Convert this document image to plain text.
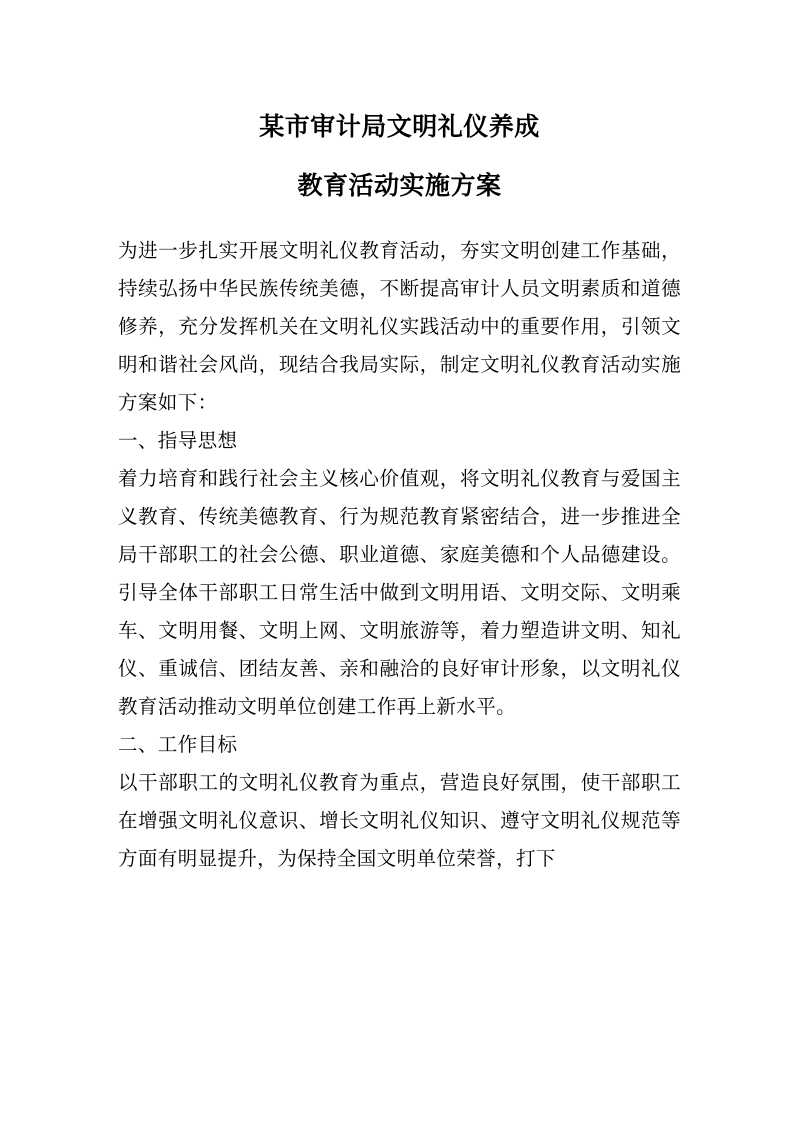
某市审计局文明礼仪养成
教育活动实施方案

为进一步扎实开展文明礼仪教育活动，夯实文明创建工作基础，持续弘扬中华民族传统美德，不断提高审计人员文明素质和道德修养，充分发挥机关在文明礼仪实践活动中的重要作用，引领文明和谐社会风尚，现结合我局实际，制定文明礼仪教育活动实施方案如下：

一、指导思想

着力培育和践行社会主义核心价值观，将文明礼仪教育与爱国主义教育、传统美德教育、行为规范教育紧密结合，进一步推进全局干部职工的社会公德、职业道德、家庭美德和个人品德建设。引导全体干部职工日常生活中做到文明用语、文明交际、文明乘车、文明用餐、文明上网、文明旅游等，着力塑造讲文明、知礼仪、重诚信、团结友善、亲和融洽的良好审计形象，以文明礼仪教育活动推动文明单位创建工作再上新水平。

二、工作目标

以干部职工的文明礼仪教育为重点，营造良好氛围，使干部职工在增强文明礼仪意识、增长文明礼仪知识、遵守文明礼仪规范等方面有明显提升，为保持全国文明单位荣誉，打下
